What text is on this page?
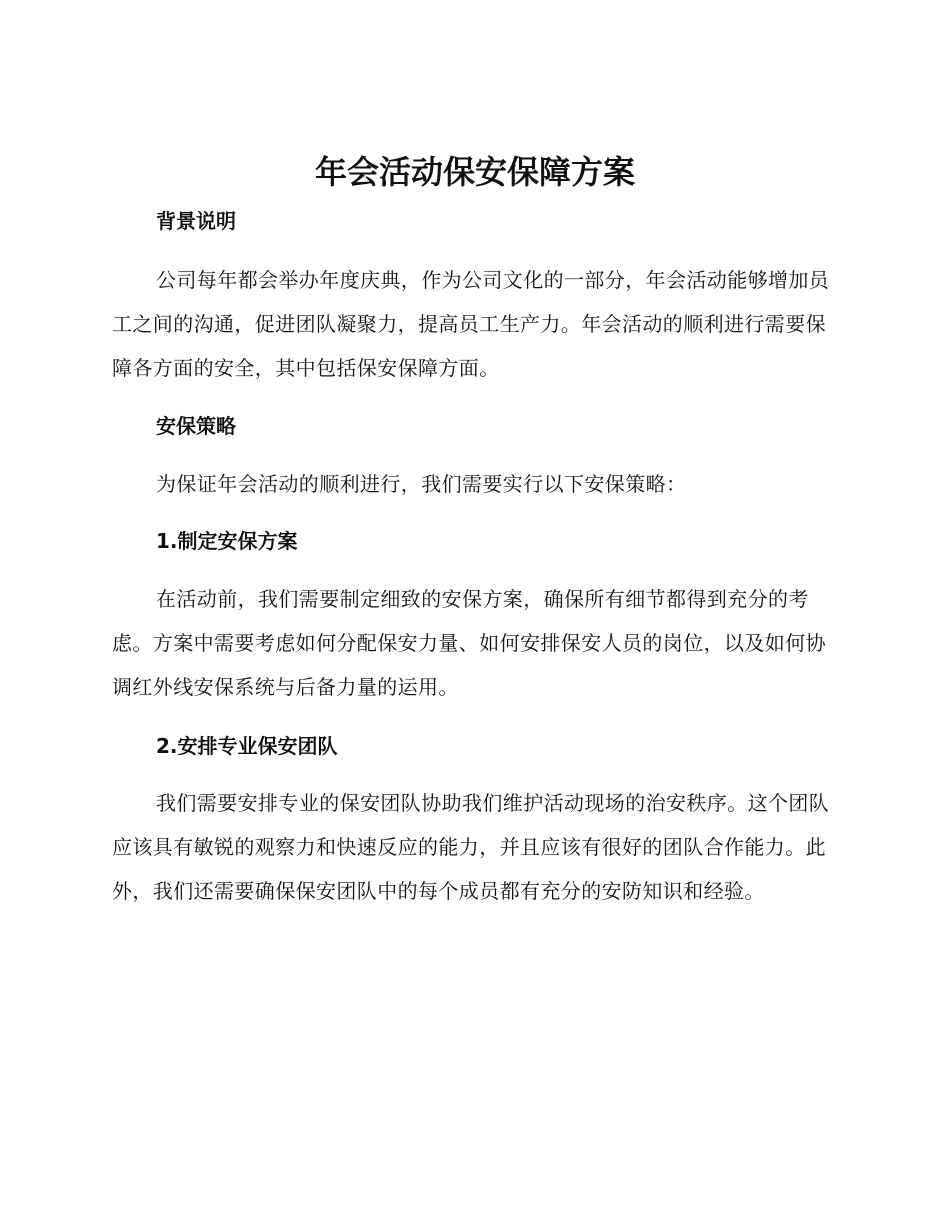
年会活动保安保障方案
背景说明

公司每年都会举办年度庆典，作为公司文化的一部分，年会活动能够增加员工之间的沟通，促进团队凝聚力，提高员工生产力。年会活动的顺利进行需要保障各方面的安全，其中包括保安保障方面。

安保策略

为保证年会活动的顺利进行，我们需要实行以下安保策略：

1.制定安保方案

在活动前，我们需要制定细致的安保方案，确保所有细节都得到充分的考虑。方案中需要考虑如何分配保安力量、如何安排保安人员的岗位，以及如何协调红外线安保系统与后备力量的运用。

2.安排专业保安团队

我们需要安排专业的保安团队协助我们维护活动现场的治安秩序。这个团队应该具有敏锐的观察力和快速反应的能力，并且应该有很好的团队合作能力。此外，我们还需要确保保安团队中的每个成员都有充分的安防知识和经验。
